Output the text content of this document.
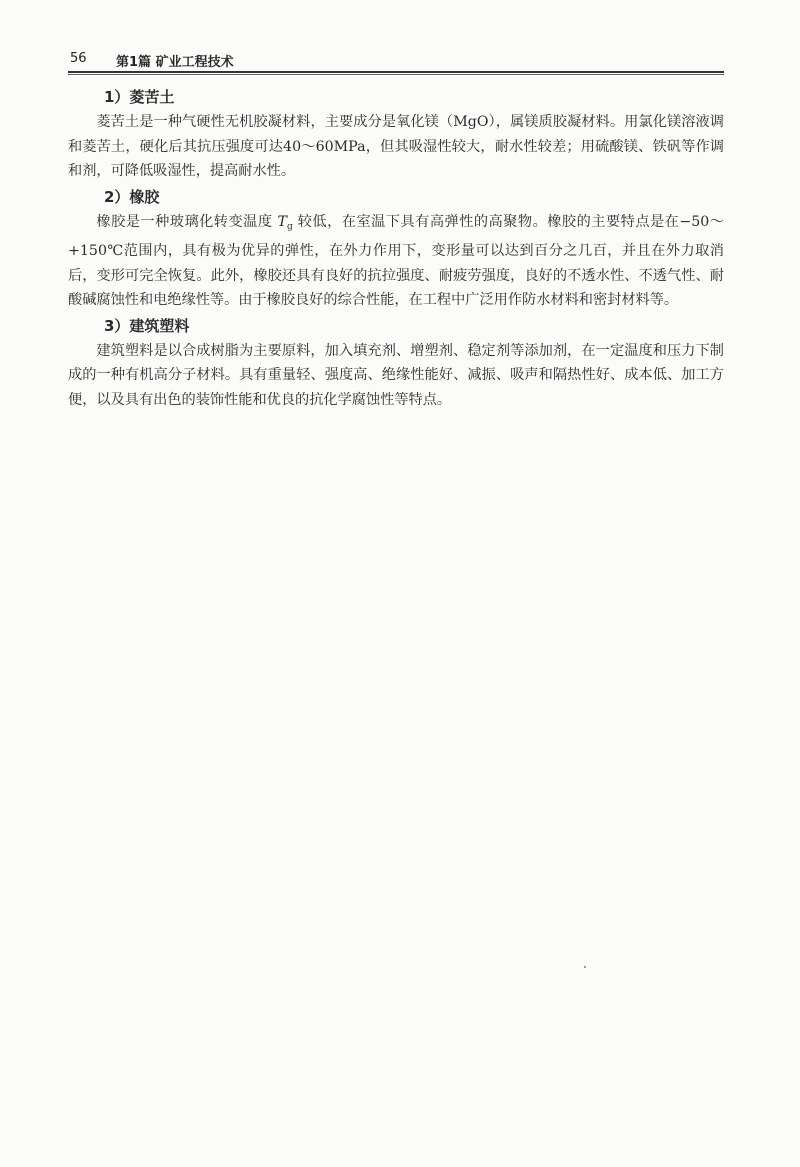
56 第1篇 矿业工程技术
1）菱苦土

菱苦土是一种气硬性无机胶凝材料，主要成分是氧化镁（MgO），属镁质胶凝材料。用氯化镁溶液调和菱苦土，硬化后其抗压强度可达40～60MPa，但其吸湿性较大，耐水性较差；用硫酸镁、铁矾等作调和剂，可降低吸湿性，提高耐水性。

2）橡胶

橡胶是一种玻璃化转变温度 $T_g$ 较低，在室温下具有高弹性的高聚物。橡胶的主要特点是在−50～+150℃范围内，具有极为优异的弹性，在外力作用下，变形量可以达到百分之几百，并且在外力取消后，变形可完全恢复。此外，橡胶还具有良好的抗拉强度、耐疲劳强度，良好的不透水性、不透气性、耐酸碱腐蚀性和电绝缘性等。由于橡胶良好的综合性能，在工程中广泛用作防水材料和密封材料等。

3）建筑塑料

建筑塑料是以合成树脂为主要原料，加入填充剂、增塑剂、稳定剂等添加剂，在一定温度和压力下制成的一种有机高分子材料。具有重量轻、强度高、绝缘性能好、减振、吸声和隔热性好、成本低、加工方便，以及具有出色的装饰性能和优良的抗化学腐蚀性等特点。
